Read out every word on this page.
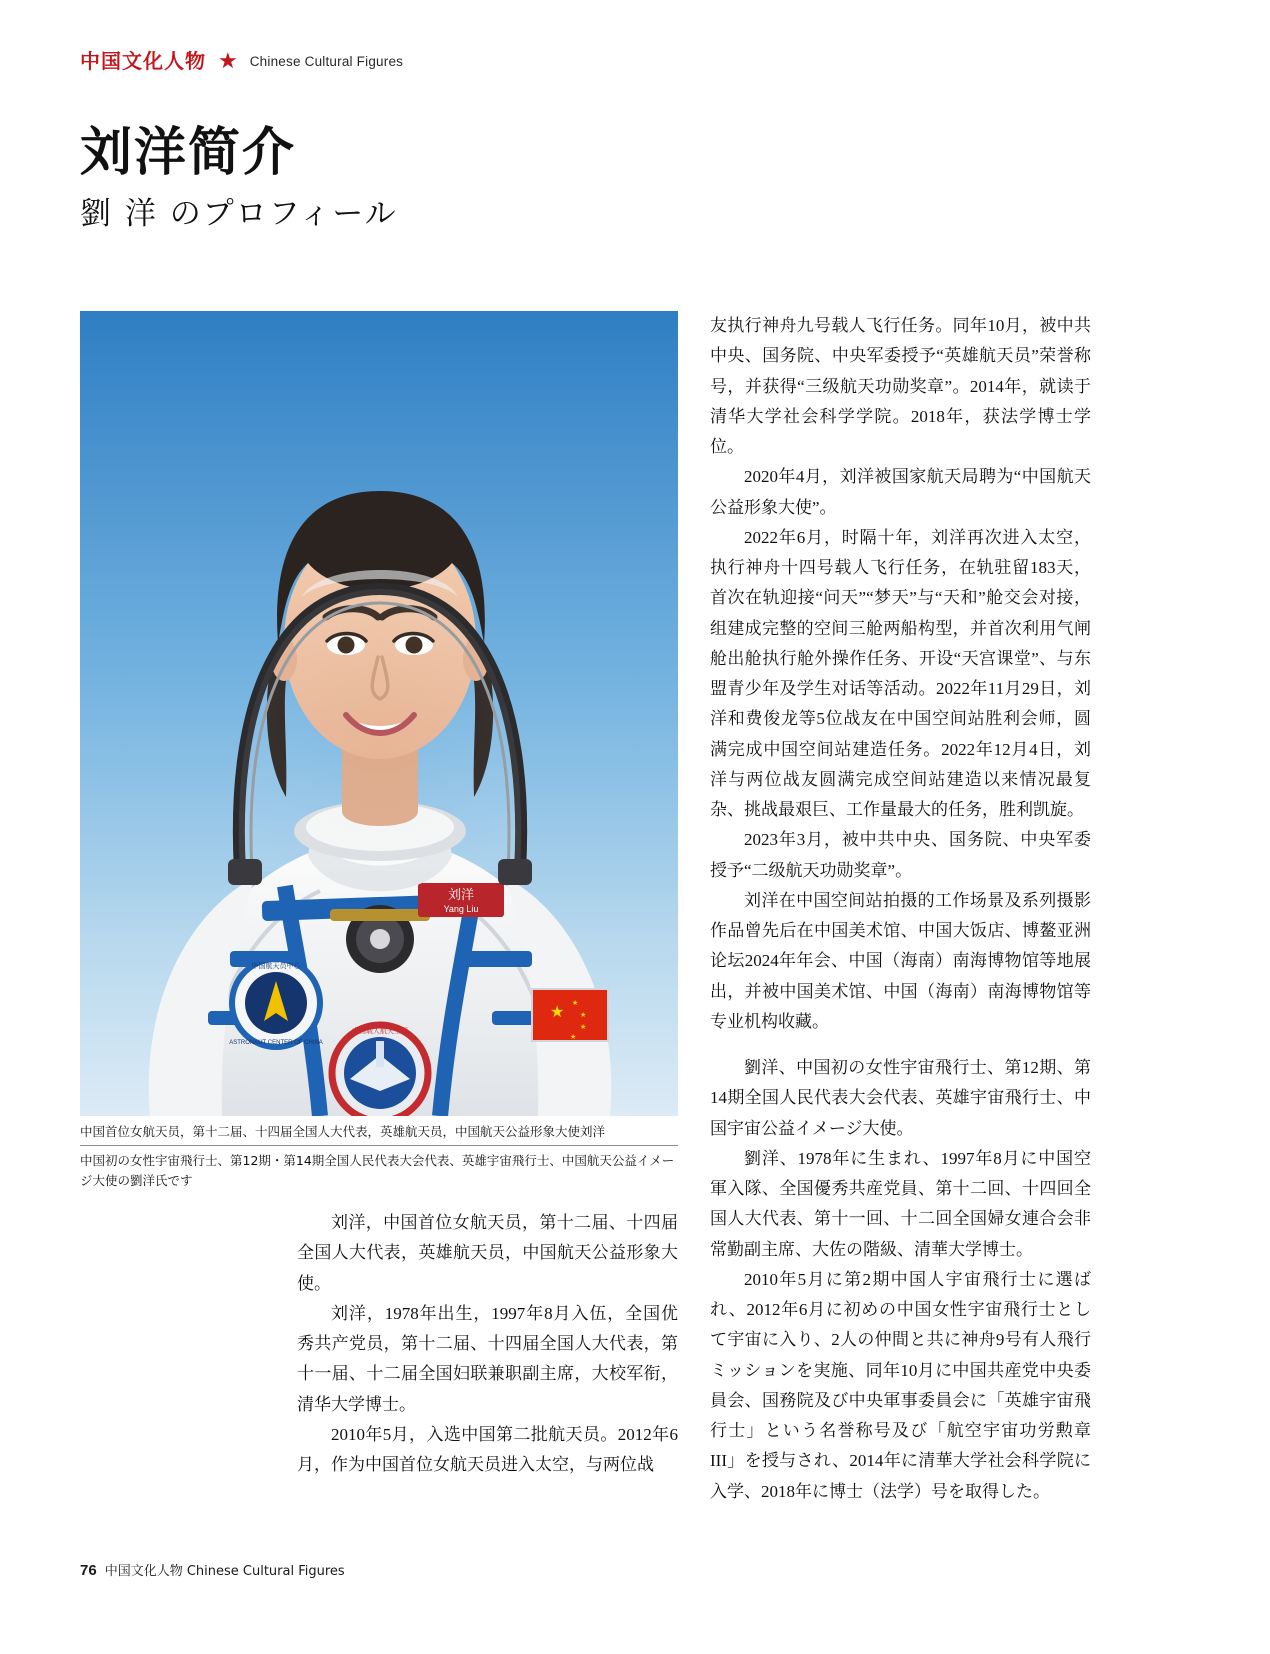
中国文化人物 ★ Chinese Cultural Figures
刘洋简介
劉 洋 のプロフィール
刘洋
Yang Liu
中国航天员中心
ASTRONAUT CENTER OF CHINA
中国载人航天工程
★ ★
★
★
★
中国首位女航天员，第十二届、十四届全国人大代表，英雄航天员，中国航天公益形象大使刘洋
中国初の女性宇宙飛行士、第12期・第14期全国人民代表大会代表、英雄宇宙飛行士、中国航天公益イメージ大使の劉洋氏です

刘洋，中国首位女航天员，第十二届、十四届全国人大代表，英雄航天员，中国航天公益形象大使。

刘洋，1978年出生，1997年8月入伍，全国优秀共产党员，第十二届、十四届全国人大代表，第十一届、十二届全国妇联兼职副主席，大校军衔，清华大学博士。

2010年5月，入选中国第二批航天员。2012年6月，作为中国首位女航天员进入太空，与两位战

友执行神舟九号载人飞行任务。同年10月，被中共中央、国务院、中央军委授予“英雄航天员”荣誉称号，并获得“三级航天功勋奖章”。2014年，就读于清华大学社会科学学院。2018年，获法学博士学位。

2020年4月，刘洋被国家航天局聘为“中国航天公益形象大使”。

2022年6月，时隔十年，刘洋再次进入太空，执行神舟十四号载人飞行任务，在轨驻留183天，首次在轨迎接“问天”“梦天”与“天和”舱交会对接，组建成完整的空间三舱两船构型，并首次利用气闸舱出舱执行舱外操作任务、开设“天宫课堂”、与东盟青少年及学生对话等活动。2022年11月29日，刘洋和费俊龙等5位战友在中国空间站胜利会师，圆满完成中国空间站建造任务。2022年12月4日，刘洋与两位战友圆满完成空间站建造以来情况最复杂、挑战最艰巨、工作量最大的任务，胜利凯旋。

2023年3月，被中共中央、国务院、中央军委授予“二级航天功勋奖章”。

刘洋在中国空间站拍摄的工作场景及系列摄影作品曾先后在中国美术馆、中国大饭店、博鳌亚洲论坛2024年年会、中国（海南）南海博物馆等地展出，并被中国美术馆、中国（海南）南海博物馆等专业机构收藏。

劉洋、中国初の女性宇宙飛行士、第12期、第14期全国人民代表大会代表、英雄宇宙飛行士、中国宇宙公益イメージ大使。

劉洋、1978年に生まれ、1997年8月に中国空軍入隊、全国優秀共産党員、第十二回、十四回全国人大代表、第十一回、十二回全国婦女連合会非常勤副主席、大佐の階級、清華大学博士。

2010年5月に第2期中国人宇宙飛行士に選ばれ、2012年6月に初めの中国女性宇宙飛行士として宇宙に入り、2人の仲間と共に神舟9号有人飛行ミッションを実施、同年10月に中国共産党中央委員会、国務院及び中央軍事委員会に「英雄宇宙飛行士」という名誉称号及び「航空宇宙功労勲章III」を授与され、2014年に清華大学社会科学院に入学、2018年に博士（法学）号を取得した。

76 中国文化人物 Chinese Cultural Figures
